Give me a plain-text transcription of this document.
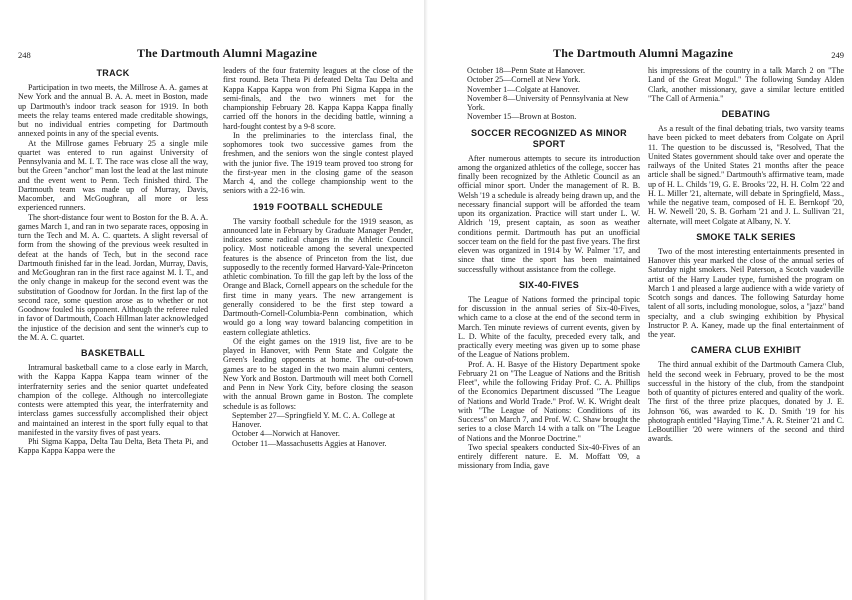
248	The Dartmouth Alumni Magazine
TRACK

Participation in two meets, the Millrose A. A. games at New York and the annual B. A. A. meet in Boston, made up Dartmouth's indoor track season for 1919. In both meets the relay teams entered made creditable showings, but no individual entries competing for Dartmouth annexed points in any of the special events.

At the Millrose games February 25 a single mile quartet was entered to run against University of Pennsylvania and M. I. T. The race was close all the way, but the Green "anchor" man lost the lead at the last minute and the event went to Penn. Tech finished third. The Dartmouth team was made up of Murray, Davis, Macomber, and McGoughran, all more or less experienced runners.

The short-distance four went to Boston for the B. A. A. games March 1, and ran in two separate races, opposing in turn the Tech and M. A. C. quartets. A slight reversal of form from the showing of the previous week resulted in defeat at the hands of Tech, but in the second race Dartmouth finished far in the lead. Jordan, Murray, Davis, and McGoughran ran in the first race against M. I. T., and the only change in makeup for the second event was the substitution of Goodnow for Jordan. In the first lap of the second race, some question arose as to whether or not Goodnow fouled his opponent. Although the referee ruled in favor of Dartmouth, Coach Hillman later acknowledged the injustice of the decision and sent the winner's cup to the M. A. C. quartet.

BASKETBALL

Intramural basketball came to a close early in March, with the Kappa Kappa Kappa team winner of the interfraternity series and the senior quartet undefeated champion of the college. Although no intercollegiate contests were attempted this year, the interfraternity and interclass games successfully accomplished their object and maintained an interest in the sport fully equal to that manifested in the varsity fives of past years.

Phi Sigma Kappa, Delta Tau Delta, Beta Theta Pi, and Kappa Kappa Kappa were the

leaders of the four fraternity leagues at the close of the first round. Beta Theta Pi defeated Delta Tau Delta and Kappa Kappa Kappa won from Phi Sigma Kappa in the semi-finals, and the two winners met for the championship February 28. Kappa Kappa Kappa finally carried off the honors in the deciding battle, winning a hard-fought contest by a 9-8 score.

In the preliminaries to the interclass final, the sophomores took two successive games from the freshmen, and the seniors won the single contest played with the junior five. The 1919 team proved too strong for the first-year men in the closing game of the season March 4, and the college championship went to the seniors with a 22-16 win.

1919 FOOTBALL SCHEDULE

The varsity football schedule for the 1919 season, as announced late in February by Graduate Manager Pender, indicates some radical changes in the Athletic Council policy. Most noticeable among the several unexpected features is the absence of Princeton from the list, due supposedly to the recently formed Harvard-Yale-Princeton athletic combination. To fill the gap left by the loss of the Orange and Black, Cornell appears on the schedule for the first time in many years. The new arrangement is generally considered to be the first step toward a Dartmouth-Cornell-Columbia-Penn combination, which would go a long way toward balancing competition in eastern collegiate athletics.

Of the eight games on the 1919 list, five are to be played in Hanover, with Penn State and Colgate the Green's leading opponents at home. The out-of-town games are to be staged in the two main alumni centers, New York and Boston. Dartmouth will meet both Cornell and Penn in New York City, before closing the season with the annual Brown game in Boston. The complete schedule is as follows:

September 27—Springfield Y. M. C. A. College at Hanover.

October 4—Norwich at Hanover.

October 11—Massachusetts Aggies at Hanover.

The Dartmouth Alumni Magazine	249

October 18—Penn State at Hanover.

October 25—Cornell at New York.

November 1—Colgate at Hanover.

November 8—University of Pennsylvania at New York.

November 15—Brown at Boston.

SOCCER RECOGNIZED AS MINOR SPORT

After numerous attempts to secure its introduction among the organized athletics of the college, soccer has finally been recognized by the Athletic Council as an official minor sport. Under the management of R. B. Welsh '19 a schedule is already being drawn up, and the necessary financial support will be afforded the team upon its organization. Practice will start under L. W. Aldrich '19, present captain, as soon as weather conditions permit. Dartmouth has put an unofficial soccer team on the field for the past five years. The first eleven was organized in 1914 by W. Palmer '17, and since that time the sport has been maintained successfully without assistance from the college.

SIX-40-FIVES

The League of Nations formed the principal topic for discussion in the annual series of Six-40-Fives, which came to a close at the end of the second term in March. Ten minute reviews of current events, given by L. D. White of the faculty, preceded every talk, and practically every meeting was given up to some phase of the League of Nations problem.

Prof. A. H. Basye of the History Department spoke February 21 on "The League of Nations and the British Fleet", while the following Friday Prof. C. A. Phillips of the Economics Department discussed "The League of Nations and World Trade." Prof. W. K. Wright dealt with "The League of Nations: Conditions of its Success" on March 7, and Prof. W. C. Shaw brought the series to a close March 14 with a talk on "The League of Nations and the Monroe Doctrine."

Two special speakers conducted Six-40-Fives of an entirely different nature. E. M. Moffatt '09, a missionary from India, gave

his impressions of the country in a talk March 2 on "The Land of the Great Mogul." The following Sunday Alden Clark, another missionary, gave a similar lecture entitled "The Call of Armenia."

DEBATING

As a result of the final debating trials, two varsity teams have been picked to meet debaters from Colgate on April 11. The question to be discussed is, "Resolved, That the United States government should take over and operate the railways of the United States 21 months after the peace article shall be signed." Dartmouth's affirmative team, made up of H. L. Childs '19, G. E. Brooks '22, H. H. Colm '22 and H. L. Miller '21, alternate, will debate in Springfield, Mass., while the negative team, composed of H. E. Bernkopf '20, H. W. Newell '20, S. B. Gorham '21 and J. L. Sullivan '21, alternate, will meet Colgate at Albany, N. Y.

SMOKE TALK SERIES

Two of the most interesting entertainments presented in Hanover this year marked the close of the annual series of Saturday night smokers. Neil Paterson, a Scotch vaudeville artist of the Harry Lauder type, furnished the program on March 1 and pleased a large audience with a wide variety of Scotch songs and dances. The following Saturday home talent of all sorts, including monologue, solos, a "jazz" band specialty, and a club swinging exhibition by Physical Instructor P. A. Kaney, made up the final entertainment of the year.

CAMERA CLUB EXHIBIT

The third annual exhibit of the Dartmouth Camera Club, held the second week in February, proved to be the most successful in the history of the club, from the standpoint both of quantity of pictures entered and quality of the work. The first of the three prize placques, donated by J. E. Johnson '66, was awarded to K. D. Smith '19 for his photograph entitled "Haying Time." A. R. Steiner '21 and C. LeBoutillier '20 were winners of the second and third awards.
